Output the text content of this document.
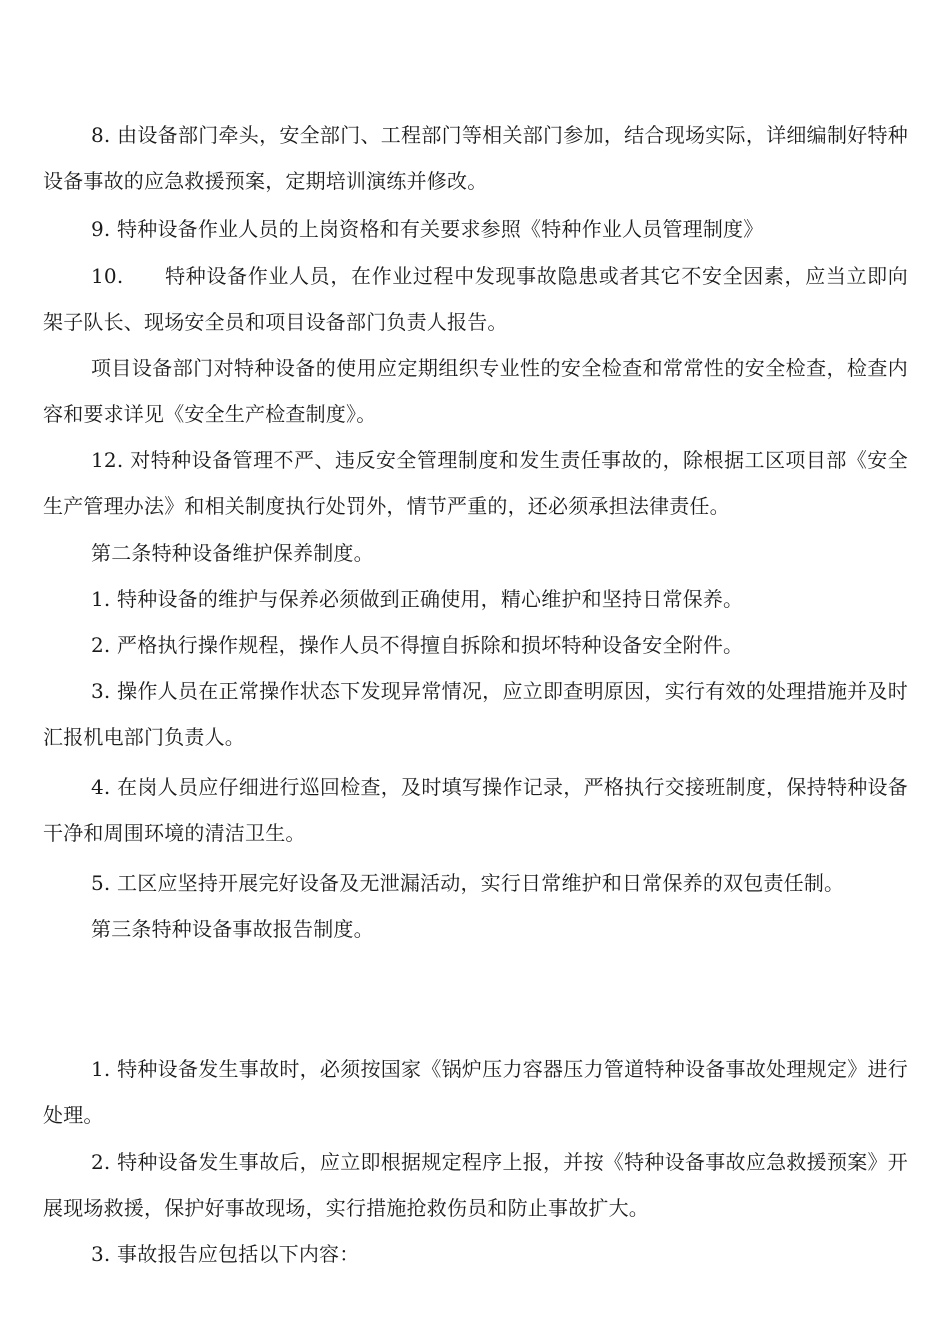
8. 由设备部门牵头，安全部门、工程部门等相关部门参加，结合现场实际，详细编制好特种设备事故的应急救援预案，定期培训演练并修改。

9. 特种设备作业人员的上岗资格和有关要求参照《特种作业人员管理制度》

10.　　特种设备作业人员，在作业过程中发现事故隐患或者其它不安全因素，应当立即向架子队长、现场安全员和项目设备部门负责人报告。

项目设备部门对特种设备的使用应定期组织专业性的安全检查和常常性的安全检查，检查内容和要求详见《安全生产检查制度》。

12. 对特种设备管理不严、违反安全管理制度和发生责任事故的，除根据工区项目部《安全生产管理办法》和相关制度执行处罚外，情节严重的，还必须承担法律责任。

第二条特种设备维护保养制度。

1. 特种设备的维护与保养必须做到正确使用，精心维护和坚持日常保养。

2. 严格执行操作规程，操作人员不得擅自拆除和损坏特种设备安全附件。

3. 操作人员在正常操作状态下发现异常情况，应立即查明原因，实行有效的处理措施并及时汇报机电部门负责人。

4. 在岗人员应仔细进行巡回检查，及时填写操作记录，严格执行交接班制度，保持特种设备干净和周围环境的清洁卫生。

5. 工区应坚持开展完好设备及无泄漏活动，实行日常维护和日常保养的双包责任制。

第三条特种设备事故报告制度。

1. 特种设备发生事故时，必须按国家《锅炉压力容器压力管道特种设备事故处理规定》进行处理。

2. 特种设备发生事故后，应立即根据规定程序上报，并按《特种设备事故应急救援预案》开展现场救援，保护好事故现场，实行措施抢救伤员和防止事故扩大。

3. 事故报告应包括以下内容：
